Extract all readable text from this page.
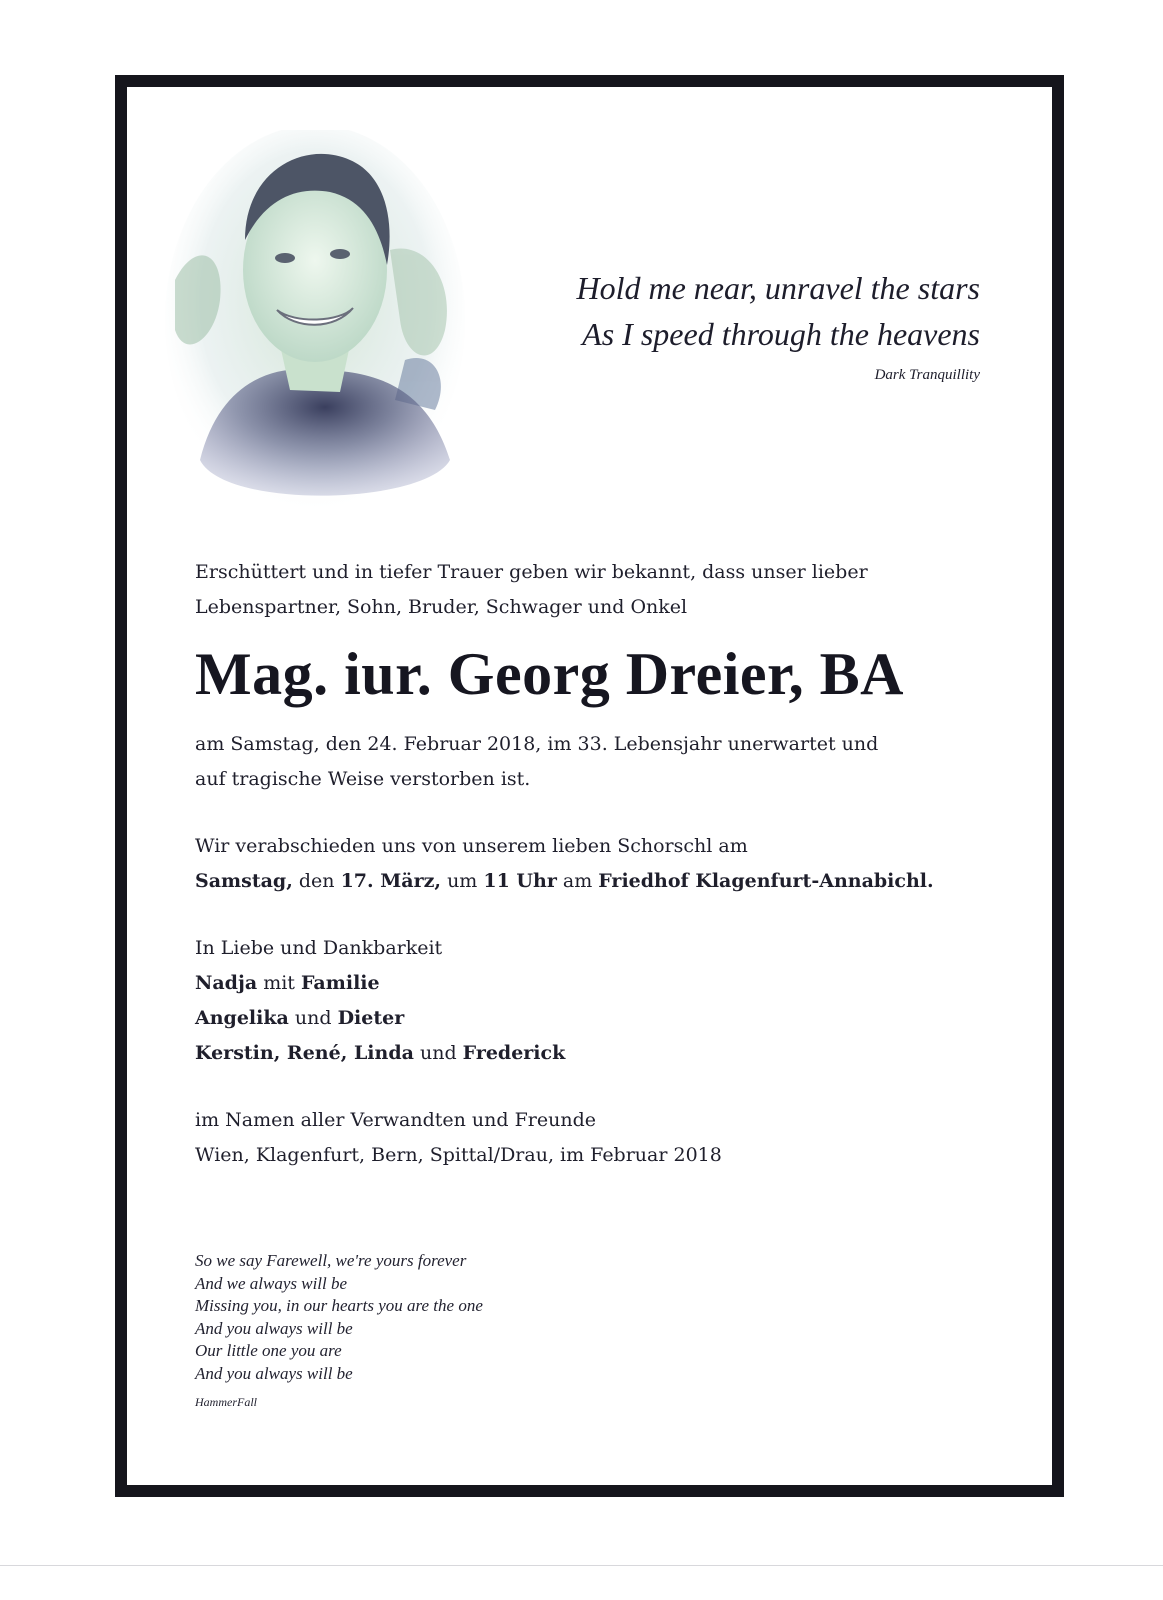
Hold me near, unravel the stars
As I speed through the heavens
Dark Tranquillity

Erschüttert und in tiefer Trauer geben wir bekannt, dass unser lieber

Lebenspartner, Sohn, Bruder, Schwager und Onkel

Mag. iur. Georg Dreier, BA

am Samstag, den 24. Februar 2018, im 33. Lebensjahr unerwartet und

auf tragische Weise verstorben ist.

Wir verabschieden uns von unserem lieben Schorschl am

Samstag, den 17. März, um 11 Uhr am Friedhof Klagenfurt-Annabichl.

In Liebe und Dankbarkeit

Nadja mit Familie

Angelika und Dieter

Kerstin, René, Linda und Frederick

im Namen aller Verwandten und Freunde

Wien, Klagenfurt, Bern, Spittal/Drau, im Februar 2018

So we say Farewell, we're yours forever
And we always will be
Missing you, in our hearts you are the one
And you always will be
Our little one you are
And you always will be
HammerFall
